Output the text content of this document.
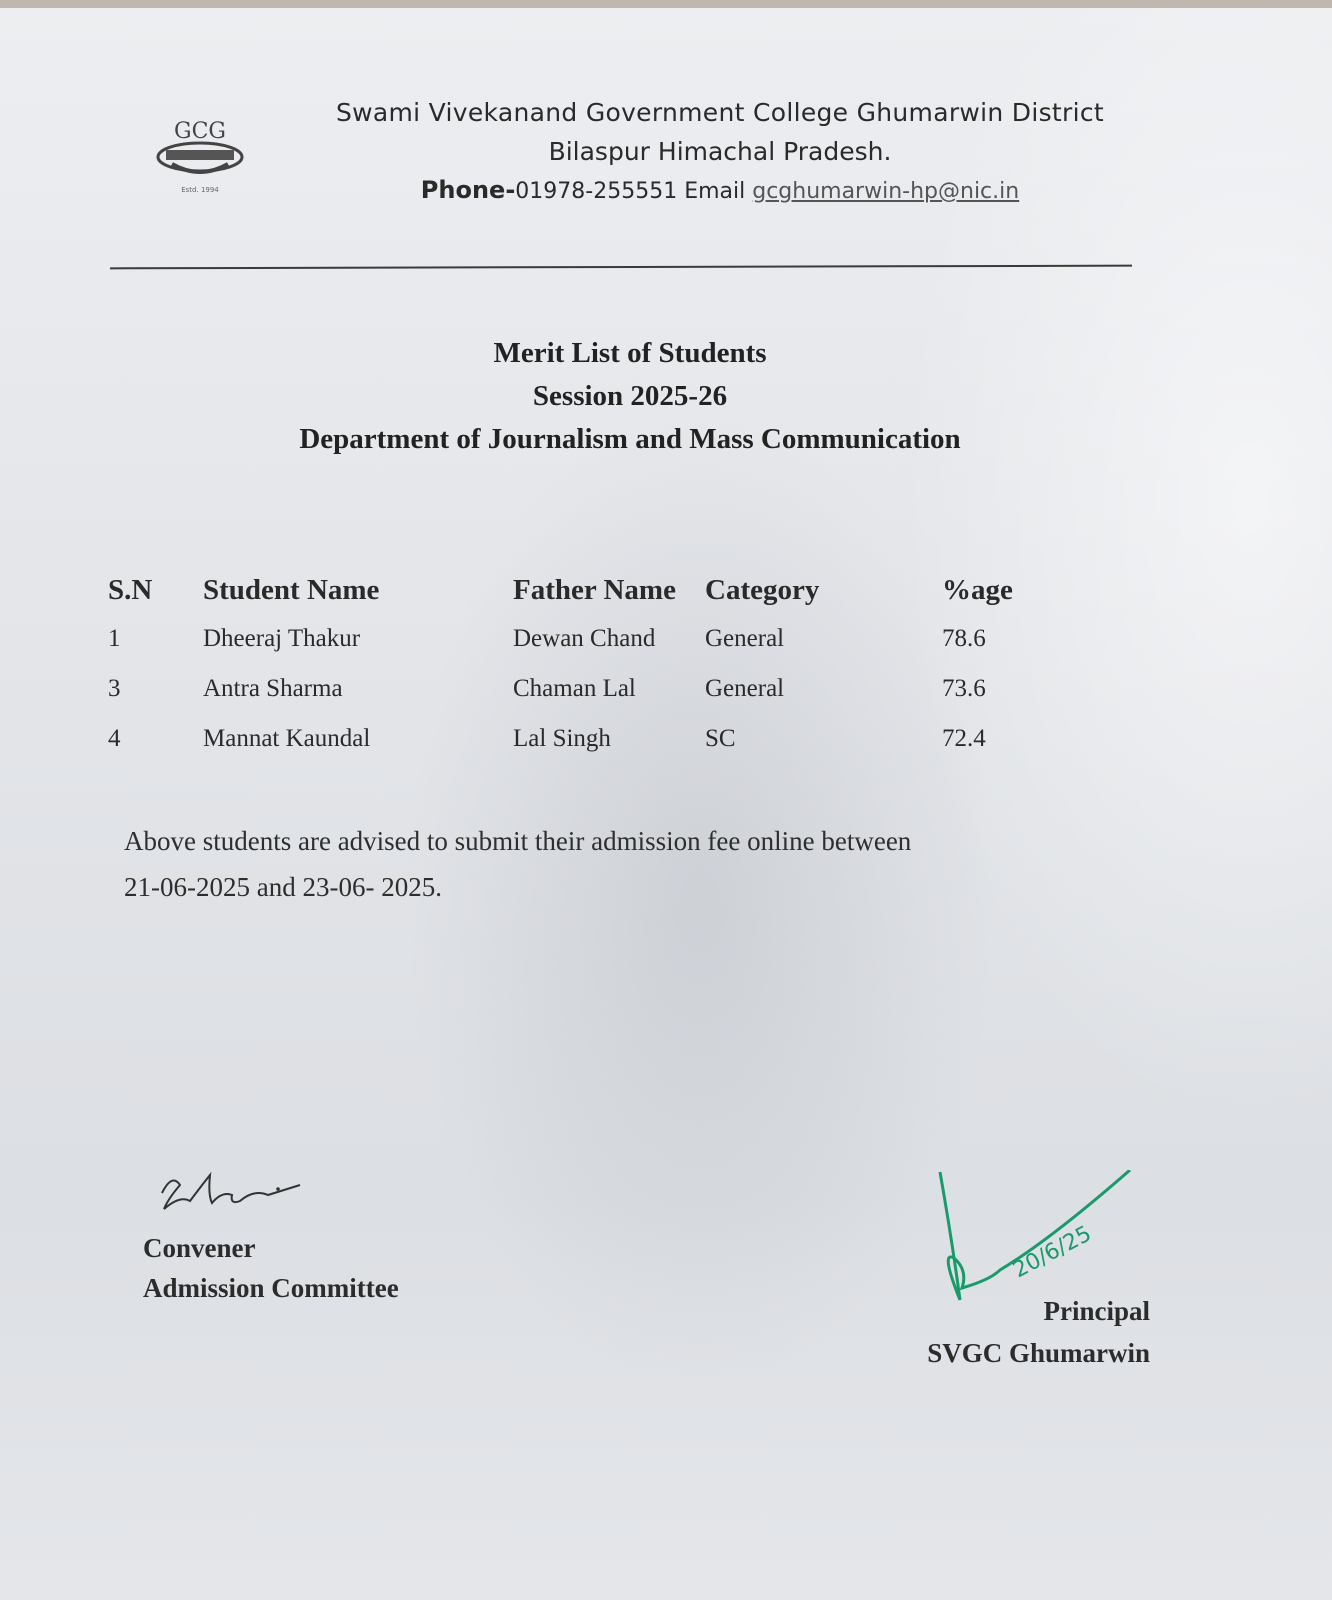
GCG
Estd. 1994
Swami Vivekanand Government College Ghumarwin District
Bilaspur Himachal Pradesh.
Phone-01978-255551 Email gcghumarwin-hp@nic.in
Merit List of Students
Session 2025-26
Department of Journalism and Mass Communication
S.N	Student Name	Father Name	Category	%age
1	Dheeraj Thakur	Dewan Chand	General	78.6
3	Antra Sharma	Chaman Lal	General	73.6
4	Mannat Kaundal	Lal Singh	SC	72.4
Above students are advised to submit their admission fee online between
21-06-2025 and 23-06- 2025.
Convener
Admission Committee
20/6/25
Principal
SVGC Ghumarwin
